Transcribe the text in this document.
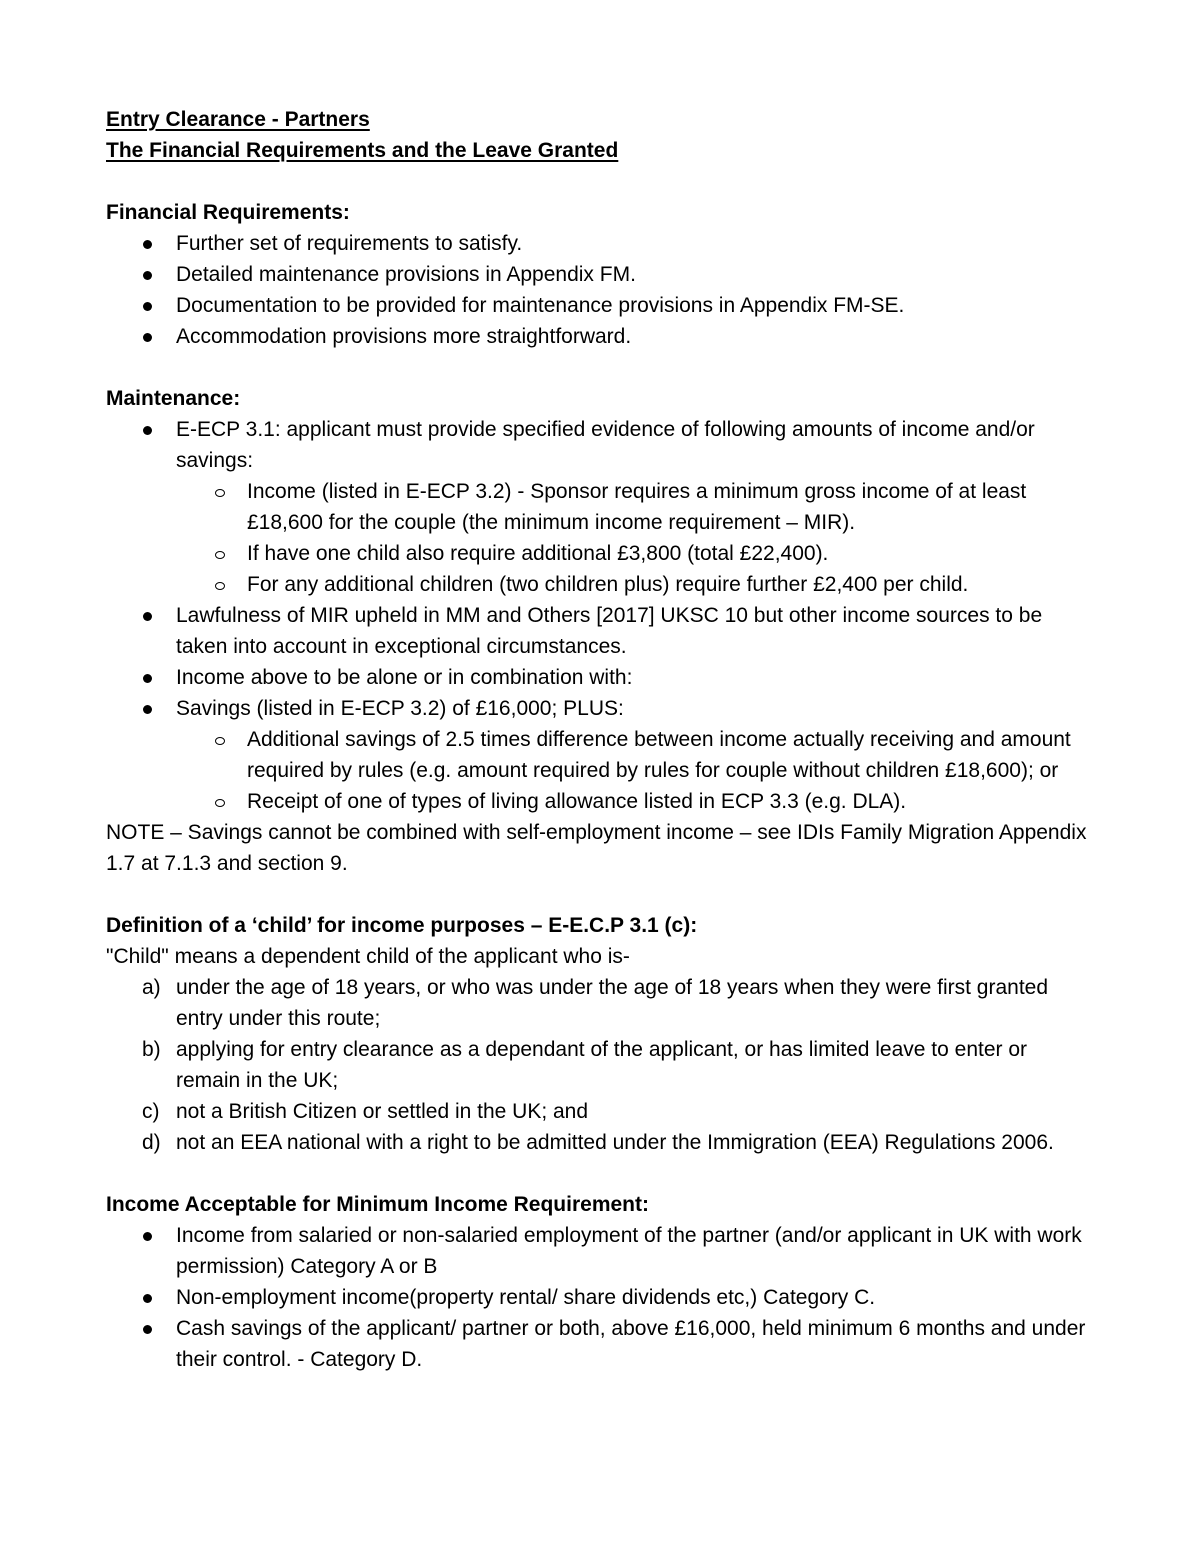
Entry Clearance - Partners
The Financial Requirements and the Leave Granted
Financial Requirements:
Further set of requirements to satisfy.
Detailed maintenance provisions in Appendix FM.
Documentation to be provided for maintenance provisions in Appendix FM-SE.
Accommodation provisions more straightforward.
Maintenance:
E-ECP 3.1: applicant must provide specified evidence of following amounts of income and/or savings:
Income (listed in E-ECP 3.2) - Sponsor requires a minimum gross income of at least £18,600 for the couple (the minimum income requirement – MIR).
If have one child also require additional £3,800 (total £22,400).
For any additional children (two children plus) require further £2,400 per child.
Lawfulness of MIR upheld in MM and Others [2017] UKSC 10 but other income sources to be taken into account in exceptional circumstances.
Income above to be alone or in combination with:
Savings (listed in E-ECP 3.2) of £16,000; PLUS:
Additional savings of 2.5 times difference between income actually receiving and amount required by rules (e.g. amount required by rules for couple without children £18,600); or
Receipt of one of types of living allowance listed in ECP 3.3 (e.g. DLA).
NOTE – Savings cannot be combined with self-employment income – see IDIs Family Migration Appendix 1.7 at 7.1.3 and section 9.
Definition of a ‘child’ for income purposes – E-E.C.P 3.1 (c):
"Child" means a dependent child of the applicant who is-
a) under the age of 18 years, or who was under the age of 18 years when they were first granted entry under this route;
b) applying for entry clearance as a dependant of the applicant, or has limited leave to enter or remain in the UK;
c) not a British Citizen or settled in the UK; and
d) not an EEA national with a right to be admitted under the Immigration (EEA) Regulations 2006.
Income Acceptable for Minimum Income Requirement:
Income from salaried or non-salaried employment of the partner (and/or applicant in UK with work permission) Category A or B
Non-employment income(property rental/ share dividends etc,) Category C.
Cash savings of the applicant/ partner or both, above £16,000, held minimum 6 months and under their control. - Category D.
